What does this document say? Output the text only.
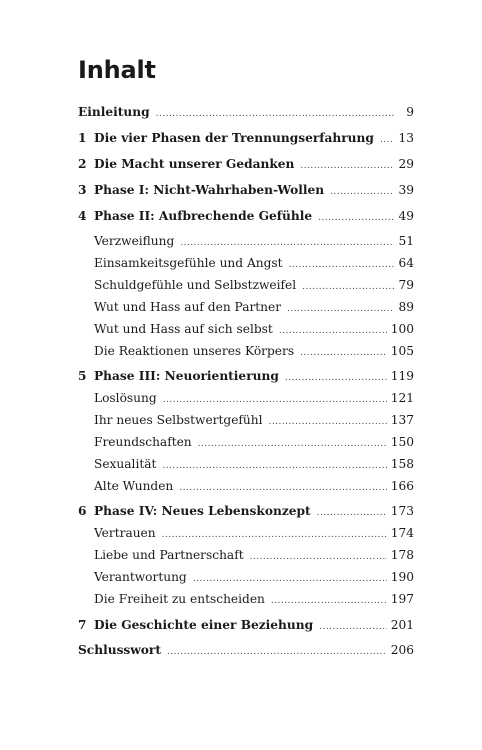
Inhalt
Einleitung . . .	9
1 Die vier Phasen der Trennungserfahrung . . . 13
2 Die Macht unserer Gedanken . . .	29
3 Phase I: Nicht-Wahrhaben-Wollen . . .	39
4 Phase II: Aufbrechende Gefühle . . .	49
Verzweiflung . . .	51
Einsamkeitsgefühle und Angst . . .	64
Schuldgefühle und Selbstzweifel . . .	79
Wut und Hass auf den Partner . . .	89
Wut und Hass auf sich selbst . . .	100
Die Reaktionen unseres Körpers . . .	105
5 Phase III: Neuorientierung . . .	119
Loslösung . . .	121
Ihr neues Selbstwertgefühl . . .	137
Freundschaften . . .	150
Sexualität . . .	158
Alte Wunden . . .	166
6 Phase IV: Neues Lebenskonzept . . .	173
Vertrauen . . .	174
Liebe und Partnerschaft . . .	178
Verantwortung . . .	190
Die Freiheit zu entscheiden . . .	197
7 Die Geschichte einer Beziehung . . .	201
Schlusswort . . .	206
